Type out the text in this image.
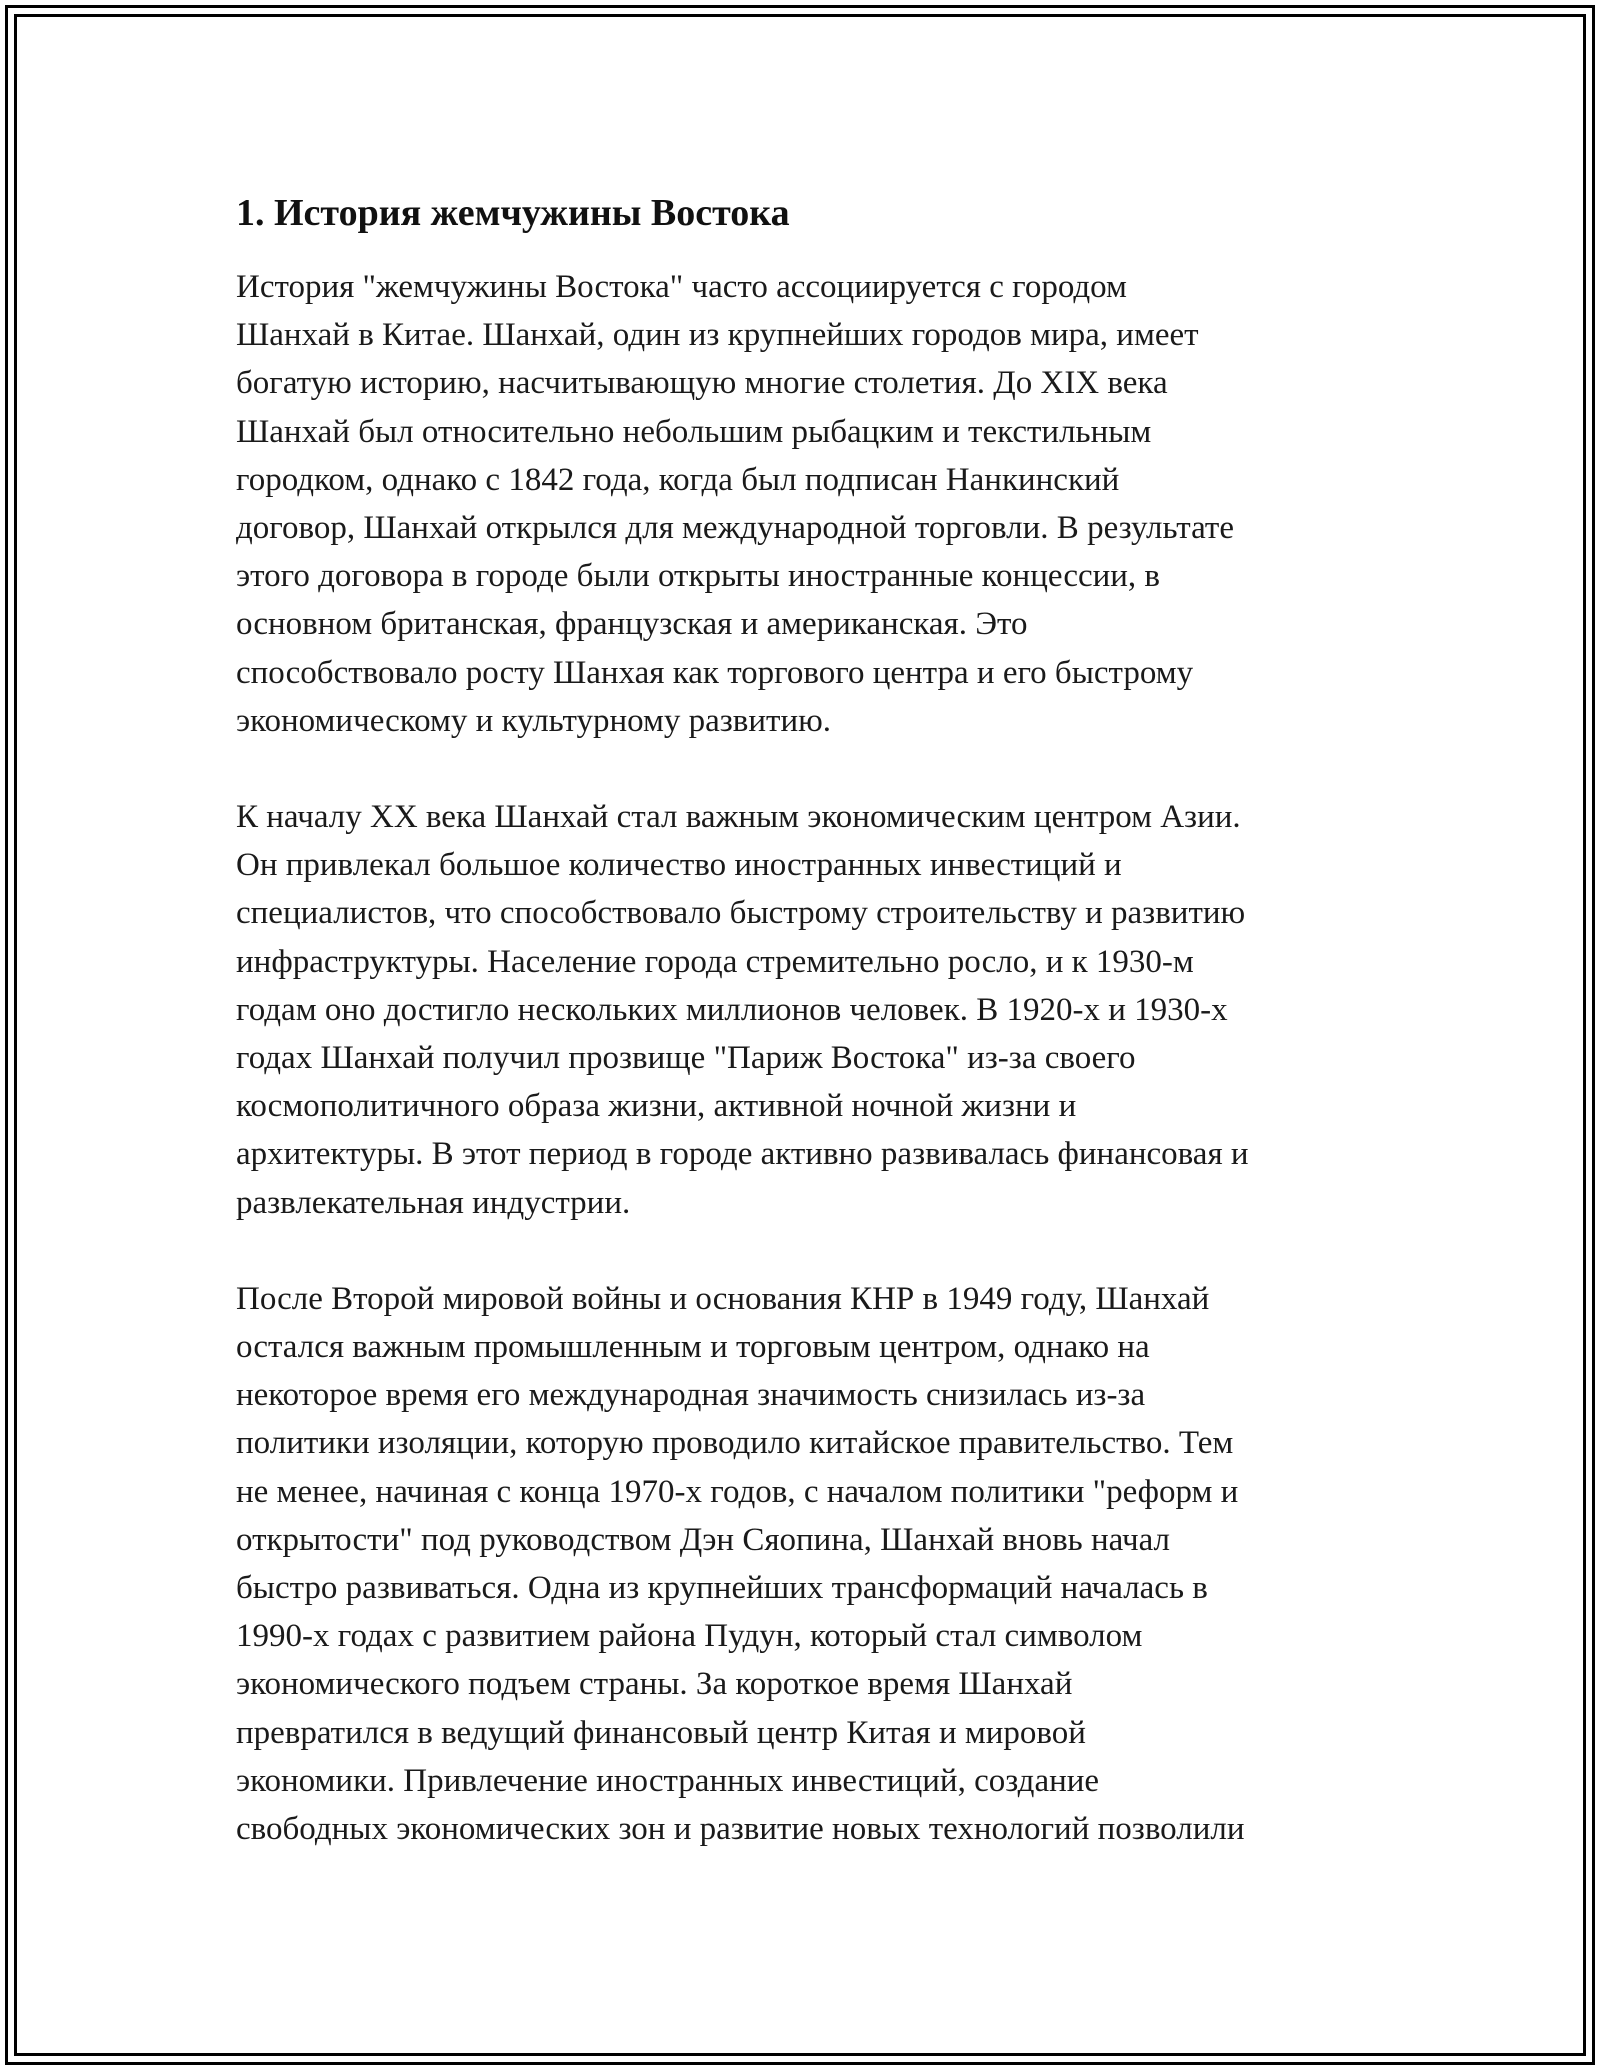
1. История жемчужины Востока

История "жемчужины Востока" часто ассоциируется с городом
Шанхай в Китае. Шанхай, один из крупнейших городов мира, имеет
богатую историю, насчитывающую многие столетия. До XIX века
Шанхай был относительно небольшим рыбацким и текстильным
городком, однако с 1842 года, когда был подписан Нанкинский
договор, Шанхай открылся для международной торговли. В результате
этого договора в городе были открыты иностранные концессии, в
основном британская, французская и американская. Это
способствовало росту Шанхая как торгового центра и его быстрому
экономическому и культурному развитию.

К началу XX века Шанхай стал важным экономическим центром Азии.
Он привлекал большое количество иностранных инвестиций и
специалистов, что способствовало быстрому строительству и развитию
инфраструктуры. Население города стремительно росло, и к 1930-м
годам оно достигло нескольких миллионов человек. В 1920-х и 1930-х
годах Шанхай получил прозвище "Париж Востока" из-за своего
космополитичного образа жизни, активной ночной жизни и
архитектуры. В этот период в городе активно развивалась финансовая и
развлекательная индустрии.

После Второй мировой войны и основания КНР в 1949 году, Шанхай
остался важным промышленным и торговым центром, однако на
некоторое время его международная значимость снизилась из-за
политики изоляции, которую проводило китайское правительство. Тем
не менее, начиная с конца 1970-х годов, с началом политики "реформ и
открытости" под руководством Дэн Сяопина, Шанхай вновь начал
быстро развиваться. Одна из крупнейших трансформаций началась в
1990-х годах с развитием района Пудун, который стал символом
экономического подъем страны. За короткое время Шанхай
превратился в ведущий финансовый центр Китая и мировой
экономики. Привлечение иностранных инвестиций, создание
свободных экономических зон и развитие новых технологий позволили
